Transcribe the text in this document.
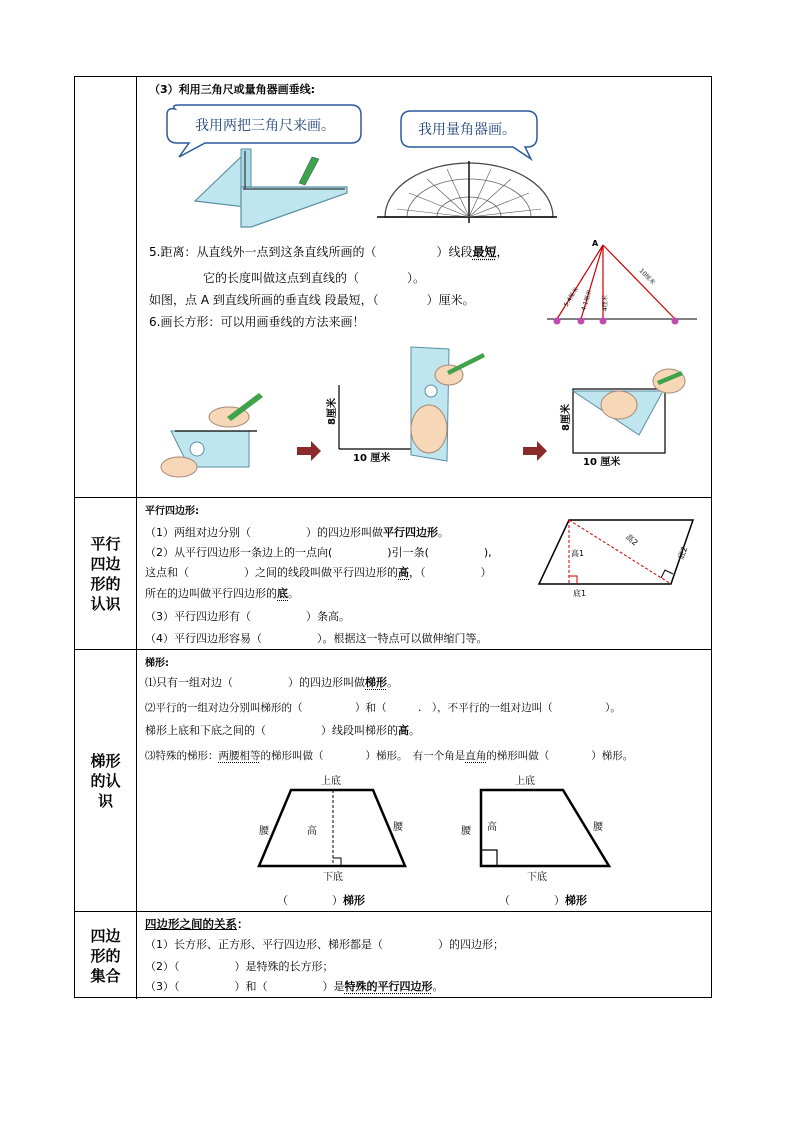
（3）利用三角尺或量角器画垂线:
我用两把三角尺来画。	我用量角器画。
5.距离：从直线外一点到这条直线所画的（	）线段最短，
它的长度叫做这点到直线的（　　　　）。
如图，点 A 到直线所画的垂直线 段最短，（　　　　）厘米。
6.画长方形：可以用画垂线的方法来画！
A
5.4厘米 4.1厘米 4厘米
10厘米
8厘米
10 厘米
8厘米
10 厘米
平行四边形的认识
平行四边形:
（1）两组对边分别（　　　　　）的四边形叫做平行四边形。
（2）从平行四边形一条边上的一点向(　　　　　)引一条(　　　　　),
这点和（　　　　　）之间的线段叫做平行四边形的高，（　　　　　）
所在的边叫做平行四边形的底。
（3）平行四边形有（　　　　　）条高。
（4）平行四边形容易（　　　　　）。根据这一特点可以做伸缩门等。
高1
高2
底1
底2
梯形的认识
梯形:
⑴只有一组对边（　　　　　）的四边形叫做梯形。
⑵平行的一组对边分别叫梯形的（　　　　　）和（　　　.　），不平行的一组对边叫（　　　　　）。
梯形上底和下底之间的（　　　　　）线段叫梯形的高。
⑶特殊的梯形：两腰相等的梯形叫做（　　　　）梯形。　有一个角是直角的梯形叫做（　　　　）梯形。
上底
腰	高	腰
下底
（　　　　）梯形
上底
腰 高	腰
下底
（　　　　）梯形
四边形的集合
四边形之间的关系：
（1）长方形、正方形、平行四边形、梯形都是（　　　　　）的四边形；
（2）（　　　　　）是特殊的长方形；
（3）（　　　　　）和（　　　　　）是特殊的平行四边形。
